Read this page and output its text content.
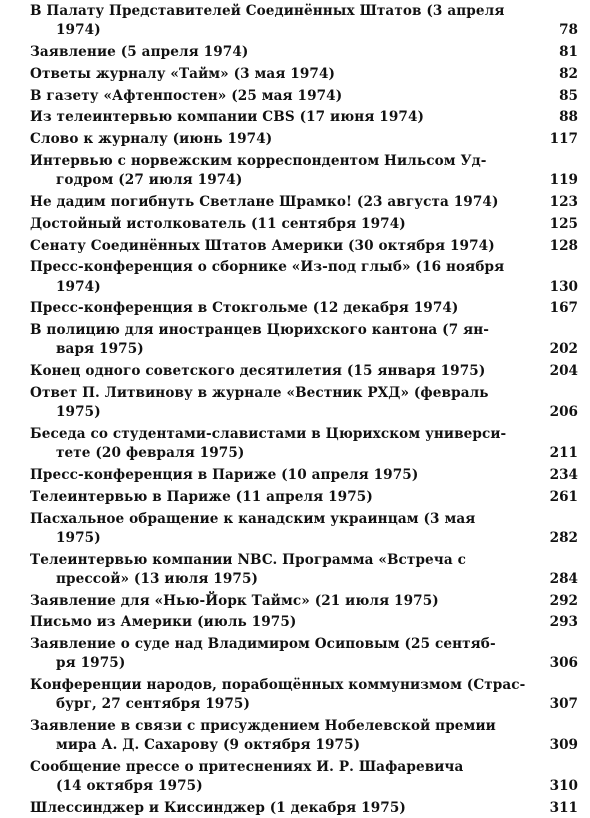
В Палату Представителей Соединённых Штатов (3 апреля
1974)	78
Заявление (5 апреля 1974)	81
Ответы журналу «Тайм» (3 мая 1974)	82
В газету «Афтенпостен» (25 мая 1974)	85
Из телеинтервью компании CBS (17 июня 1974)	88
Слово к журналу (июнь 1974)	117
Интервью с норвежским корреспондентом Нильсом Уд-
годром (27 июля 1974)	119
Не дадим погибнуть Светлане Шрамко! (23 августа 1974)	123
Достойный истолкователь (11 сентября 1974)	125
Сенату Соединённых Штатов Америки (30 октября 1974)	128
Пресс-конференция о сборнике «Из-под глыб» (16 ноября
1974)	130
Пресс-конференция в Стокгольме (12 декабря 1974)	167
В полицию для иностранцев Цюрихского кантона (7 ян-
варя 1975)	202
Конец одного советского десятилетия (15 января 1975)	204
Ответ П. Литвинову в журнале «Вестник РХД» (февраль
1975)	206
Беседа со студентами-славистами в Цюрихском универси-
тете (20 февраля 1975)	211
Пресс-конференция в Париже (10 апреля 1975)	234
Телеинтервью в Париже (11 апреля 1975)	261
Пасхальное обращение к канадским украинцам (3 мая
1975)	282
Телеинтервью компании NBC. Программа «Встреча с
прессой» (13 июля 1975)	284
Заявление для «Нью-Йорк Таймс» (21 июля 1975)	292
Письмо из Америки (июль 1975)	293
Заявление о суде над Владимиром Осиповым (25 сентяб-
ря 1975)	306
Конференции народов, порабощённых коммунизмом (Страс-
бург, 27 сентября 1975)	307
Заявление в связи с присуждением Нобелевской премии
мира А. Д. Сахарову (9 октября 1975)	309
Сообщение прессе о притеснениях И. Р. Шафаревича
(14 октября 1975)	310
Шлессинджер и Киссинджер (1 декабря 1975)	311
